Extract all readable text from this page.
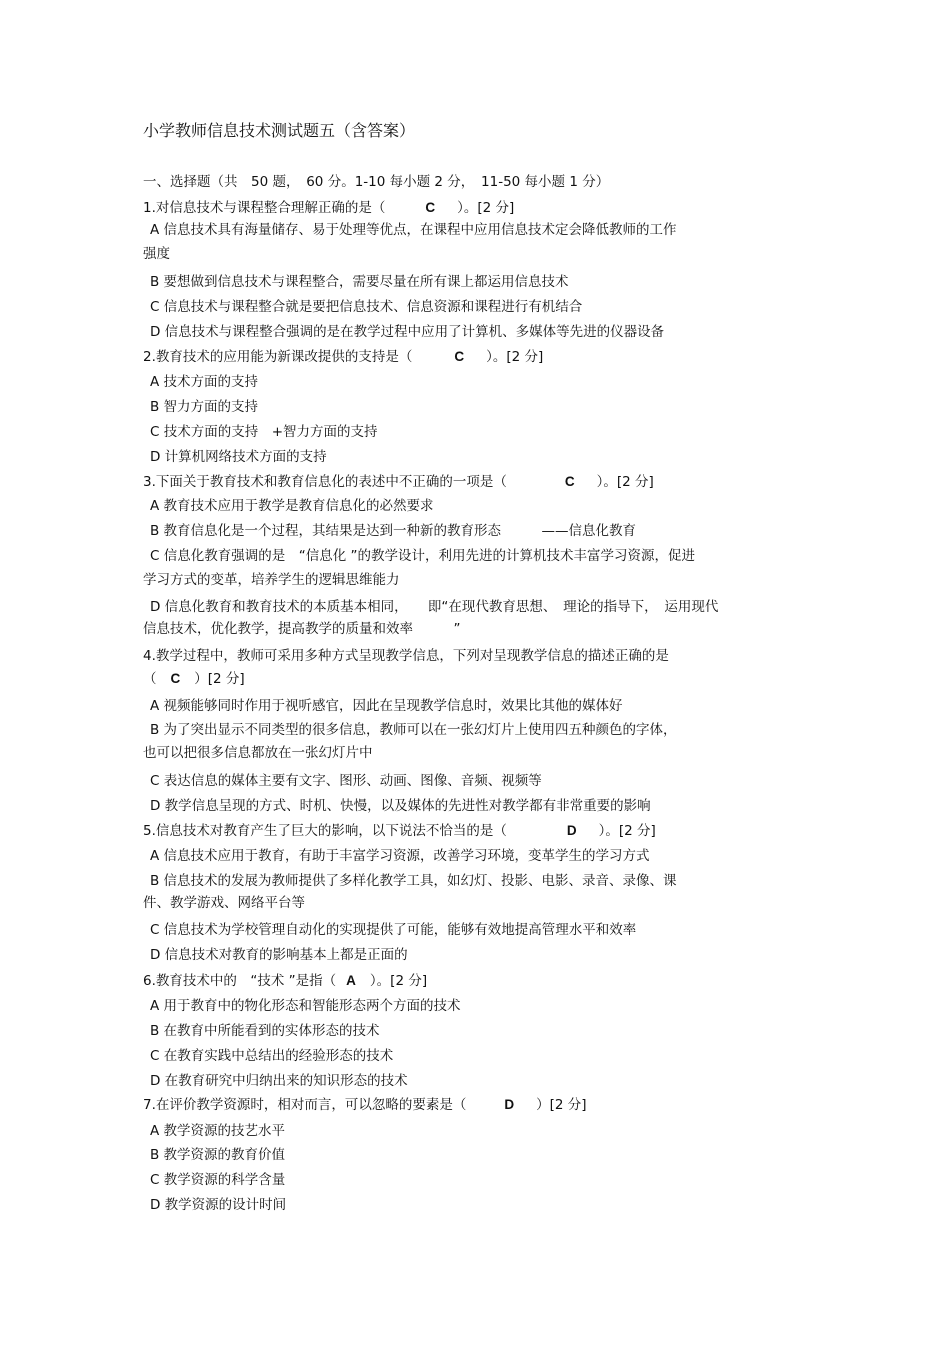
小学教师信息技术测试题五（含答案）
一、选择题（共　50 题，　60 分。1-10 每小题 2 分，　11-50 每小题 1 分）
1.对信息技术与课程整合理解正确的是（	C ）。[2 分]
A 信息技术具有海量储存、易于处理等优点，在课程中应用信息技术定会降低教师的工作
强度
B 要想做到信息技术与课程整合，需要尽量在所有课上都运用信息技术
C 信息技术与课程整合就是要把信息技术、信息资源和课程进行有机结合
D 信息技术与课程整合强调的是在教学过程中应用了计算机、多媒体等先进的仪器设备
2.教育技术的应用能为新课改提供的支持是（	C ）。[2 分]
A 技术方面的支持
B 智力方面的支持
C 技术方面的支持　+智力方面的支持
D 计算机网络技术方面的支持
3.下面关于教育技术和教育信息化的表述中不正确的一项是（	C ）。[2 分]
A 教育技术应用于教学是教育信息化的必然要求
B 教育信息化是一个过程，其结果是达到一种新的教育形态　　　——信息化教育
C 信息化教育强调的是　“信息化 ”的教学设计，利用先进的计算机技术丰富学习资源，促进
学习方式的变革，培养学生的逻辑思维能力
D 信息化教育和教育技术的本质基本相同，　　即“在现代教育思想、　理论的指导下，　运用现代
信息技术，优化教学，提高教学的质量和效率　　　”
4.教学过程中，教师可采用多种方式呈现教学信息，下列对呈现教学信息的描述正确的是
（ C ）[2 分]
A 视频能够同时作用于视听感官，因此在呈现教学信息时，效果比其他的媒体好
B 为了突出显示不同类型的很多信息，教师可以在一张幻灯片上使用四五种颜色的字体，
也可以把很多信息都放在一张幻灯片中
C 表达信息的媒体主要有文字、图形、动画、图像、音频、视频等
D 教学信息呈现的方式、时机、快慢，以及媒体的先进性对教学都有非常重要的影响
5.信息技术对教育产生了巨大的影响，以下说法不恰当的是（	D ）。[2 分]
A 信息技术应用于教育，有助于丰富学习资源，改善学习环境，变革学生的学习方式
B 信息技术的发展为教师提供了多样化教学工具，如幻灯、投影、电影、录音、录像、课
件、教学游戏、网络平台等
C 信息技术为学校管理自动化的实现提供了可能，能够有效地提高管理水平和效率
D 信息技术对教育的影响基本上都是正面的
6.教育技术中的　“技术 ”是指（ A ）。[2 分]
A 用于教育中的物化形态和智能形态两个方面的技术
B 在教育中所能看到的实体形态的技术
C 在教育实践中总结出的经验形态的技术
D 在教育研究中归纳出来的知识形态的技术
7.在评价教学资源时，相对而言，可以忽略的要素是（	D ）[2 分]
A 教学资源的技艺水平
B 教学资源的教育价值
C 教学资源的科学含量
D 教学资源的设计时间
